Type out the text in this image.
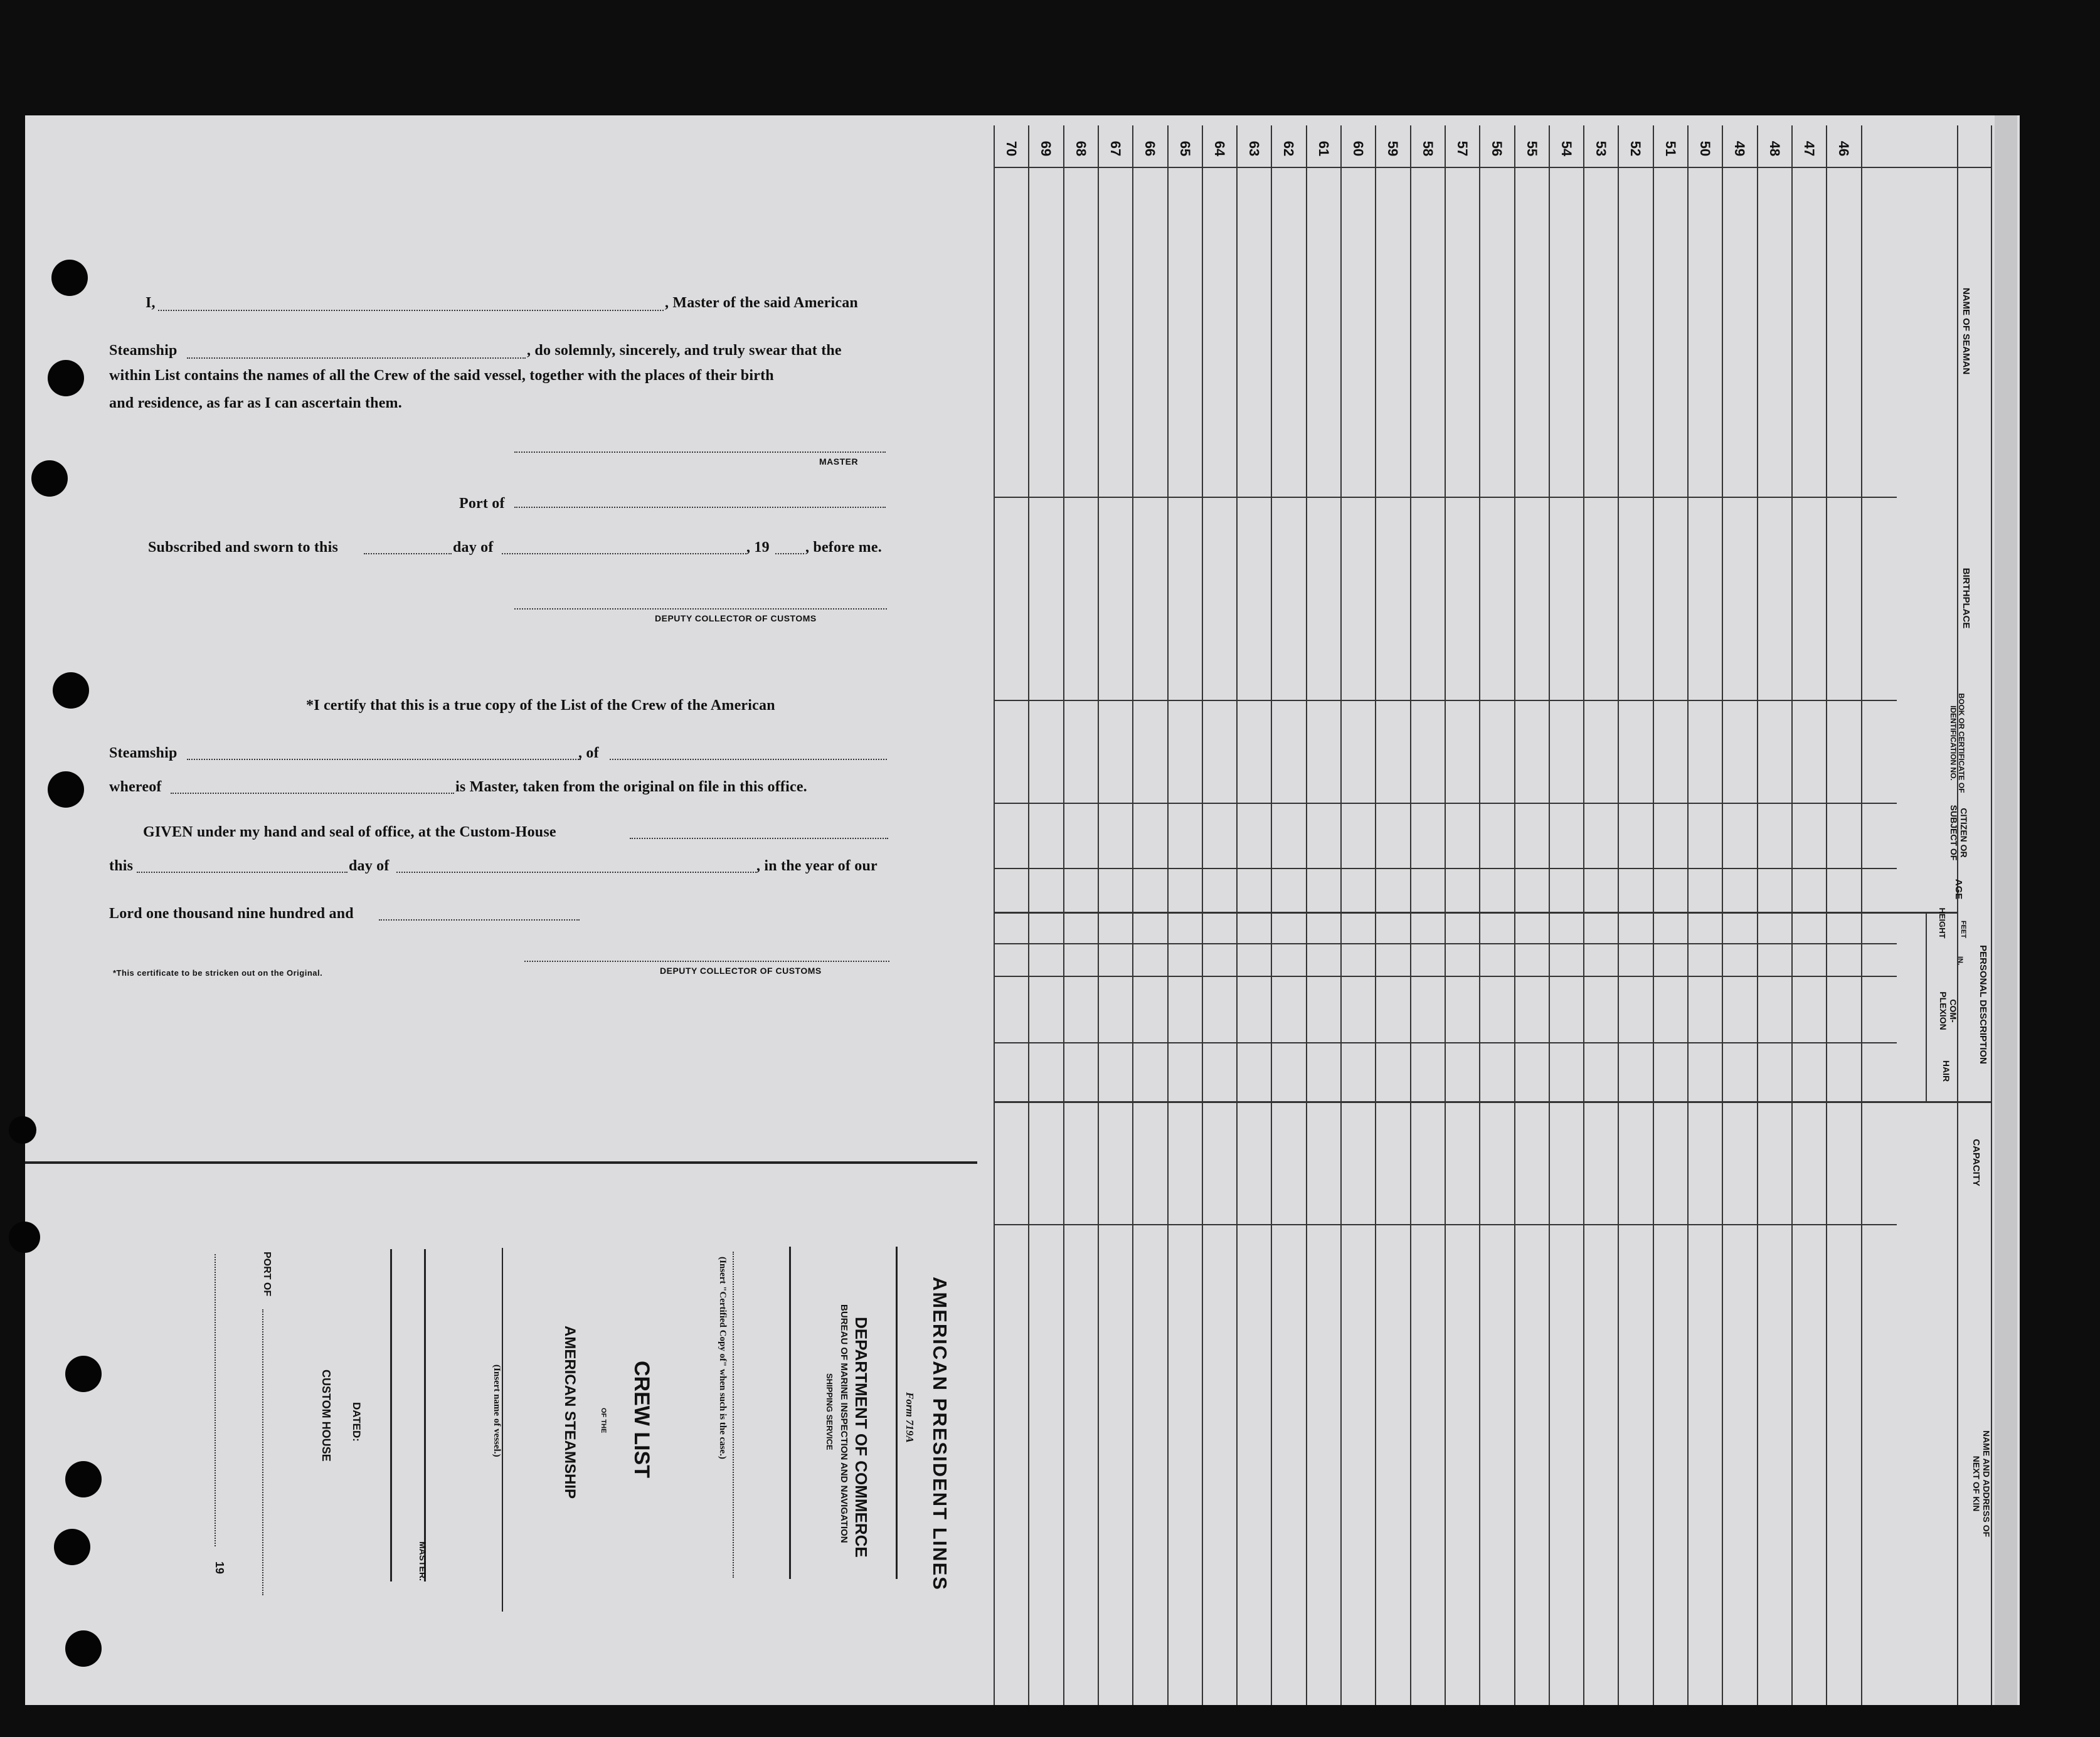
I,	, Master of the said American
Steamship	, do solemnly, sincerely, and truly swear that the
within List contains the names of all the Crew of the said vessel, together with the places of their birth
and residence, as far as I can ascertain them.
MASTER
Port of
Subscribed and sworn to this	day of	, 19 , before me.
DEPUTY COLLECTOR OF CUSTOMS
*I certify that this is a true copy of the List of the Crew of the American
Steamship	, of
whereof	is Master, taken from the original on file in this office.
GIVEN under my hand and seal of office, at the Custom-House
this	day of	, in the year of our
Lord one thousand nine hundred and
*This certificate to be stricken out on the Original.	DEPUTY COLLECTOR OF CUSTOMS
AMERICAN PRESIDENT LINES
Form 719A
DEPARTMENT OF COMMERCE
BUREAU OF MARINE INSPECTION AND NAVIGATION
SHIPPING SERVICE
(Insert "Certified Copy of" when such is the case.)
CREW LIST
OF THE
AMERICAN STEAMSHIP
(Insert name of vessel.)
MASTER.
DATED:
CUSTOM HOUSE
PORT OF
19
70 69 68 67 66 65 64 63 62 61 60 59 58 57 56 55 54 53 52 51 50 49 48 47 46
NAME OF SEAMAN
BIRTHPLACE
BOOK OR CERTIFICATE OF IDENTIFICATION NO.
CITIZEN OR SUBJECT OF
AGE
PERSONAL DESCRIPTION
HEIGHT FEET
IN.
COM- PLEXION
HAIR
CAPACITY
NAME AND ADDRESS OF NEXT OF KIN
